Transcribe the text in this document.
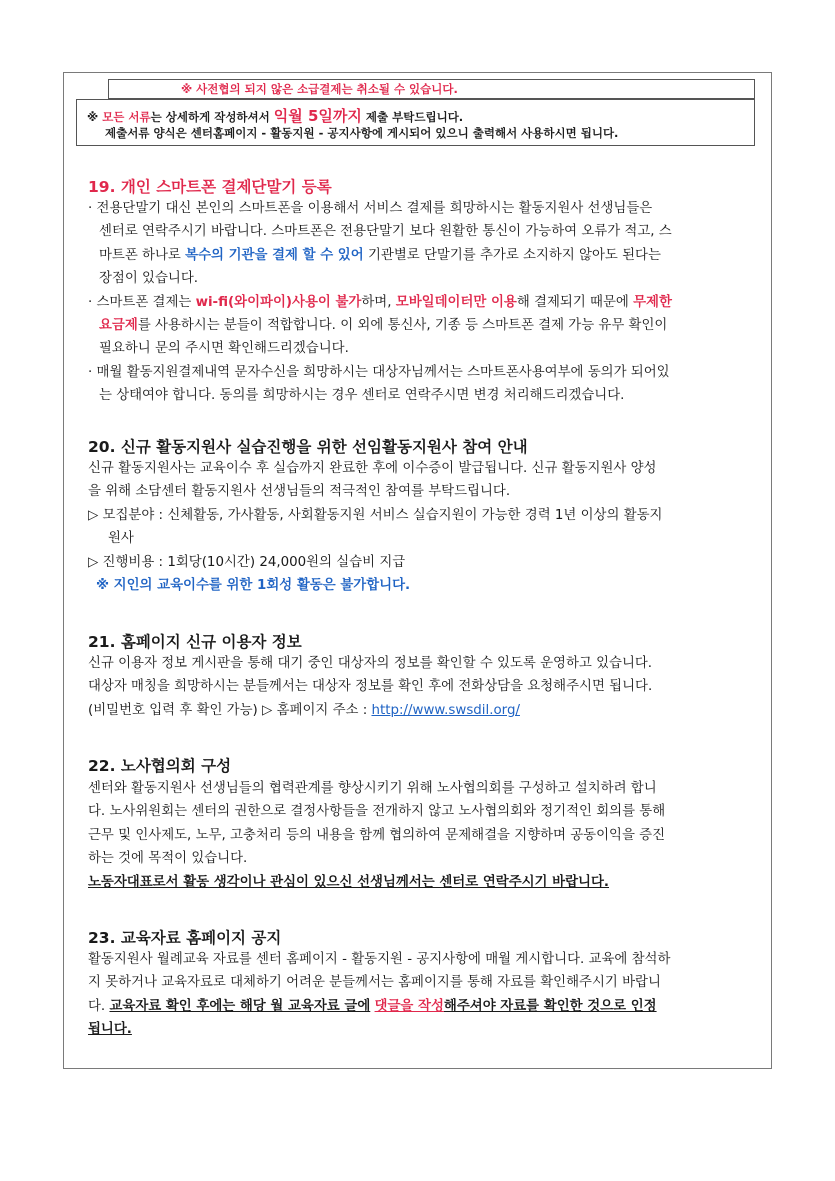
※ 사전협의 되지 않은 소급결제는 취소될 수 있습니다.
※ 모든 서류는 상세하게 작성하셔서 익월 5일까지 제출 부탁드립니다.
제출서류 양식은 센터홈페이지 - 활동지원 - 공지사항에 게시되어 있으니 출력해서 사용하시면 됩니다.
19. 개인 스마트폰 결제단말기 등록
· 전용단말기 대신 본인의 스마트폰을 이용해서 서비스 결제를 희망하시는 활동지원사 선생님들은
센터로 연락주시기 바랍니다. 스마트폰은 전용단말기 보다 원활한 통신이 가능하여 오류가 적고, 스
마트폰 하나로 복수의 기관을 결제 할 수 있어 기관별로 단말기를 추가로 소지하지 않아도 된다는
장점이 있습니다.
· 스마트폰 결제는 wi-fi(와이파이)사용이 불가하며, 모바일데이터만 이용해 결제되기 때문에 무제한
요금제를 사용하시는 분들이 적합합니다. 이 외에 통신사, 기종 등 스마트폰 결제 가능 유무 확인이
필요하니 문의 주시면 확인해드리겠습니다.
· 매월 활동지원결제내역 문자수신을 희망하시는 대상자님께서는 스마트폰사용여부에 동의가 되어있
는 상태여야 합니다. 동의를 희망하시는 경우 센터로 연락주시면 변경 처리해드리겠습니다.
20. 신규 활동지원사 실습진행을 위한 선임활동지원사 참여 안내
신규 활동지원사는 교육이수 후 실습까지 완료한 후에 이수증이 발급됩니다. 신규 활동지원사 양성
을 위해 소담센터 활동지원사 선생님들의 적극적인 참여를 부탁드립니다.
▷ 모집분야 : 신체활동, 가사활동, 사회활동지원 서비스 실습지원이 가능한 경력 1년 이상의 활동지
원사
▷ 진행비용 : 1회당(10시간) 24,000원의 실습비 지급
※ 지인의 교육이수를 위한 1회성 활동은 불가합니다.
21. 홈페이지 신규 이용자 정보
신규 이용자 정보 게시판을 통해 대기 중인 대상자의 정보를 확인할 수 있도록 운영하고 있습니다.
대상자 매칭을 희망하시는 분들께서는 대상자 정보를 확인 후에 전화상담을 요청해주시면 됩니다.
(비밀번호 입력 후 확인 가능) ▷ 홈페이지 주소 : http://www.swsdil.org/
22. 노사협의회 구성
센터와 활동지원사 선생님들의 협력관계를 향상시키기 위해 노사협의회를 구성하고 설치하려 합니
다. 노사위원회는 센터의 권한으로 결정사항들을 전개하지 않고 노사협의회와 정기적인 회의를 통해
근무 및 인사제도, 노무, 고충처리 등의 내용을 함께 협의하여 문제해결을 지향하며 공동이익을 증진
하는 것에 목적이 있습니다.
노동자대표로서 활동 생각이나 관심이 있으신 선생님께서는 센터로 연락주시기 바랍니다.
23. 교육자료 홈페이지 공지
활동지원사 월례교육 자료를 센터 홈페이지 - 활동지원 - 공지사항에 매월 게시합니다. 교육에 참석하
지 못하거나 교육자료로 대체하기 어려운 분들께서는 홈페이지를 통해 자료를 확인해주시기 바랍니
다. 교육자료 확인 후에는 해당 월 교육자료 글에 댓글을 작성해주셔야 자료를 확인한 것으로 인정
됩니다.
